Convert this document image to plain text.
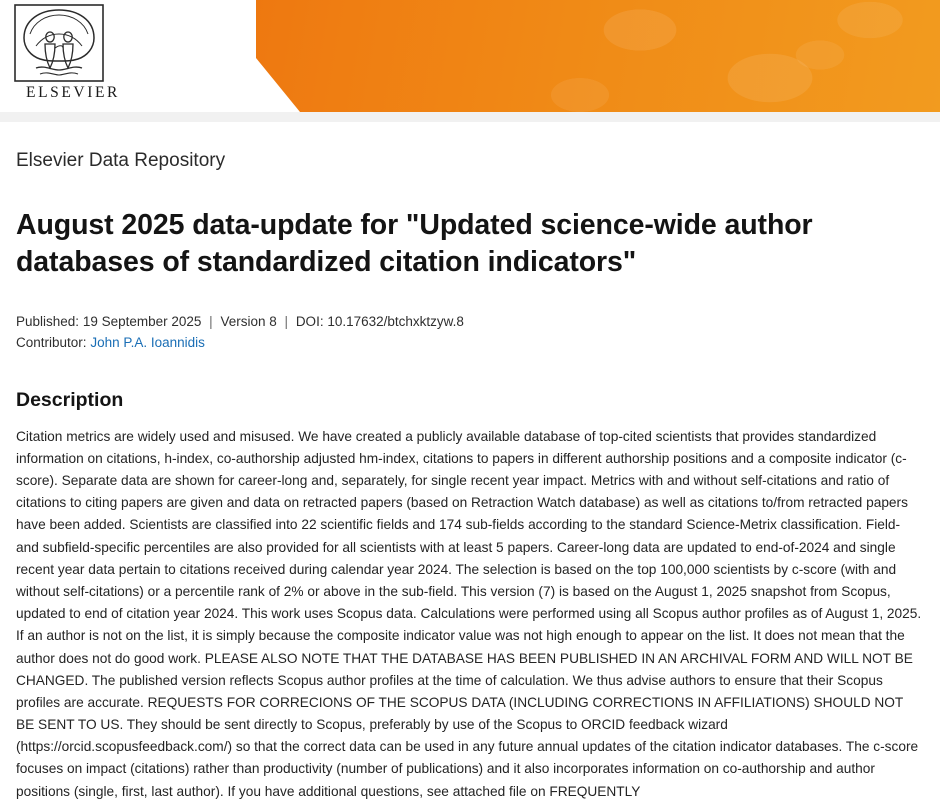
ELSEVIER
Elsevier Data Repository
August 2025 data-update for "Updated science-wide author databases of standardized citation indicators"
Published: 19 September 2025 | Version 8 | DOI: 10.17632/btchxktzyw.8
Contributor: John P.A. Ioannidis
Description

Citation metrics are widely used and misused. We have created a publicly available database of top-cited scientists that provides standardized information on citations, h-index, co-authorship adjusted hm-index, citations to papers in different authorship positions and a composite indicator (c-score). Separate data are shown for career-long and, separately, for single recent year impact. Metrics with and without self-citations and ratio of citations to citing papers are given and data on retracted papers (based on Retraction Watch database) as well as citations to/from retracted papers have been added. Scientists are classified into 22 scientific fields and 174 sub-fields according to the standard Science-Metrix classification. Field- and subfield-specific percentiles are also provided for all scientists with at least 5 papers. Career-long data are updated to end-of-2024 and single recent year data pertain to citations received during calendar year 2024. The selection is based on the top 100,000 scientists by c-score (with and without self-citations) or a percentile rank of 2% or above in the sub-field. This version (7) is based on the August 1, 2025 snapshot from Scopus, updated to end of citation year 2024. This work uses Scopus data. Calculations were performed using all Scopus author profiles as of August 1, 2025. If an author is not on the list, it is simply because the composite indicator value was not high enough to appear on the list. It does not mean that the author does not do good work. PLEASE ALSO NOTE THAT THE DATABASE HAS BEEN PUBLISHED IN AN ARCHIVAL FORM AND WILL NOT BE CHANGED. The published version reflects Scopus author profiles at the time of calculation. We thus advise authors to ensure that their Scopus profiles are accurate. REQUESTS FOR CORRECIONS OF THE SCOPUS DATA (INCLUDING CORRECTIONS IN AFFILIATIONS) SHOULD NOT BE SENT TO US. They should be sent directly to Scopus, preferably by use of the Scopus to ORCID feedback wizard (https://orcid.scopusfeedback.com/) so that the correct data can be used in any future annual updates of the citation indicator databases. The c-score focuses on impact (citations) rather than productivity (number of publications) and it also incorporates information on co-authorship and author positions (single, first, last author). If you have additional questions, see attached file on FREQUENTLY
